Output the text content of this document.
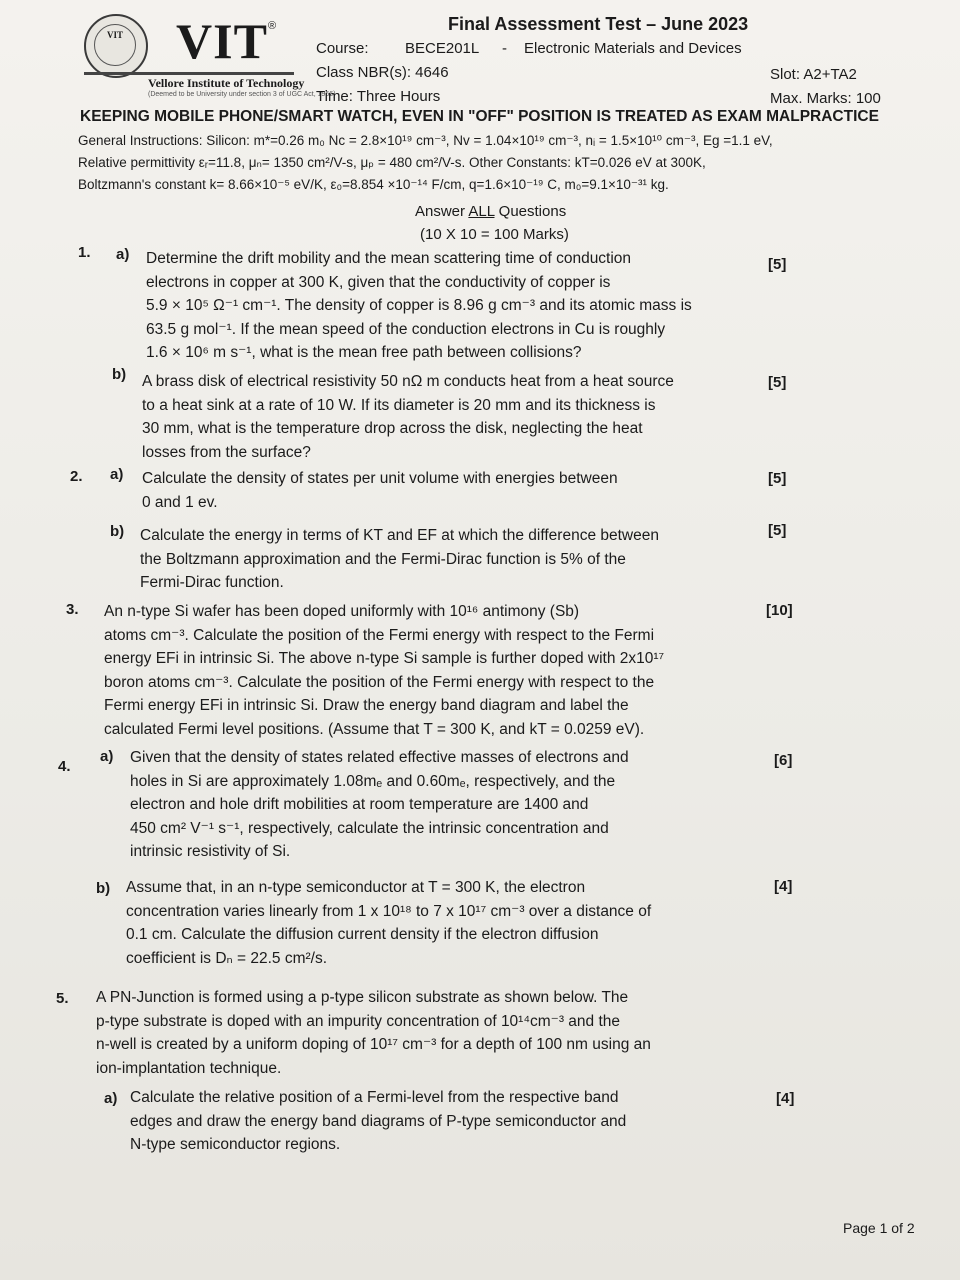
VIT VIT ®
Vellore Institute of Technology
(Deemed to be University under section 3 of UGC Act, 1956)
Final Assessment Test – June 2023
Course: BECE201L - Electronic Materials and Devices
Class NBR(s): 4646	Slot: A2+TA2
Time: Three Hours	Max. Marks: 100
KEEPING MOBILE PHONE/SMART WATCH, EVEN IN "OFF" POSITION IS TREATED AS EXAM MALPRACTICE
General Instructions: Silicon: m*=0.26 m₀ Nc = 2.8×10¹⁹ cm⁻³, Nv = 1.04×10¹⁹ cm⁻³, nᵢ = 1.5×10¹⁰ cm⁻³, Eg =1.1 eV,
Relative permittivity εᵣ=11.8, μₙ= 1350 cm²/V-s, μₚ = 480 cm²/V-s. Other Constants: kT=0.026 eV at 300K,
Boltzmann's constant k= 8.66×10⁻⁵ eV/K, ε₀=8.854 ×10⁻¹⁴ F/cm, q=1.6×10⁻¹⁹ C, m₀=9.1×10⁻³¹ kg.
Answer ALL Questions
(10 X 10 = 100 Marks)
1. a) Determine the drift mobility and the mean scattering time of conduction
electrons in copper at 300 K, given that the conductivity of copper is
5.9 × 10⁵ Ω⁻¹ cm⁻¹. The density of copper is 8.96 g cm⁻³ and its atomic mass is
63.5 g mol⁻¹. If the mean speed of the conduction electrons in Cu is roughly
1.6 × 10⁶ m s⁻¹, what is the mean free path between collisions?
[5]
b) A brass disk of electrical resistivity 50 nΩ m conducts heat from a heat source
to a heat sink at a rate of 10 W. If its diameter is 20 mm and its thickness is
30 mm, what is the temperature drop across the disk, neglecting the heat
losses from the surface?
[5]
2. a) Calculate the density of states per unit volume with energies between
0 and 1 ev.
[5]
b) Calculate the energy in terms of KT and EF at which the difference between
the Boltzmann approximation and the Fermi-Dirac function is 5% of the
Fermi-Dirac function.
[5]
3. An n-type Si wafer has been doped uniformly with 10¹⁶ antimony (Sb)
atoms cm⁻³. Calculate the position of the Fermi energy with respect to the Fermi
energy EFi in intrinsic Si. The above n-type Si sample is further doped with 2x10¹⁷
boron atoms cm⁻³. Calculate the position of the Fermi energy with respect to the
Fermi energy EFi in intrinsic Si. Draw the energy band diagram and label the
calculated Fermi level positions. (Assume that T = 300 K, and kT = 0.0259 eV).
[10]
4.
a) Given that the density of states related effective masses of electrons and
holes in Si are approximately 1.08mₑ and 0.60mₑ, respectively, and the
electron and hole drift mobilities at room temperature are 1400 and
450 cm² V⁻¹ s⁻¹, respectively, calculate the intrinsic concentration and
intrinsic resistivity of Si.
[6]
b) Assume that, in an n-type semiconductor at T = 300 K, the electron
concentration varies linearly from 1 x 10¹⁸ to 7 x 10¹⁷ cm⁻³ over a distance of
0.1 cm. Calculate the diffusion current density if the electron diffusion
coefficient is Dₙ = 22.5 cm²/s.
[4]
5. A PN-Junction is formed using a p-type silicon substrate as shown below. The
p-type substrate is doped with an impurity concentration of 10¹⁴cm⁻³ and the
n-well is created by a uniform doping of 10¹⁷ cm⁻³ for a depth of 100 nm using an
ion-implantation technique.
a) Calculate the relative position of a Fermi-level from the respective band
edges and draw the energy band diagrams of P-type semiconductor and
N-type semiconductor regions.
[4]
Page 1 of 2
